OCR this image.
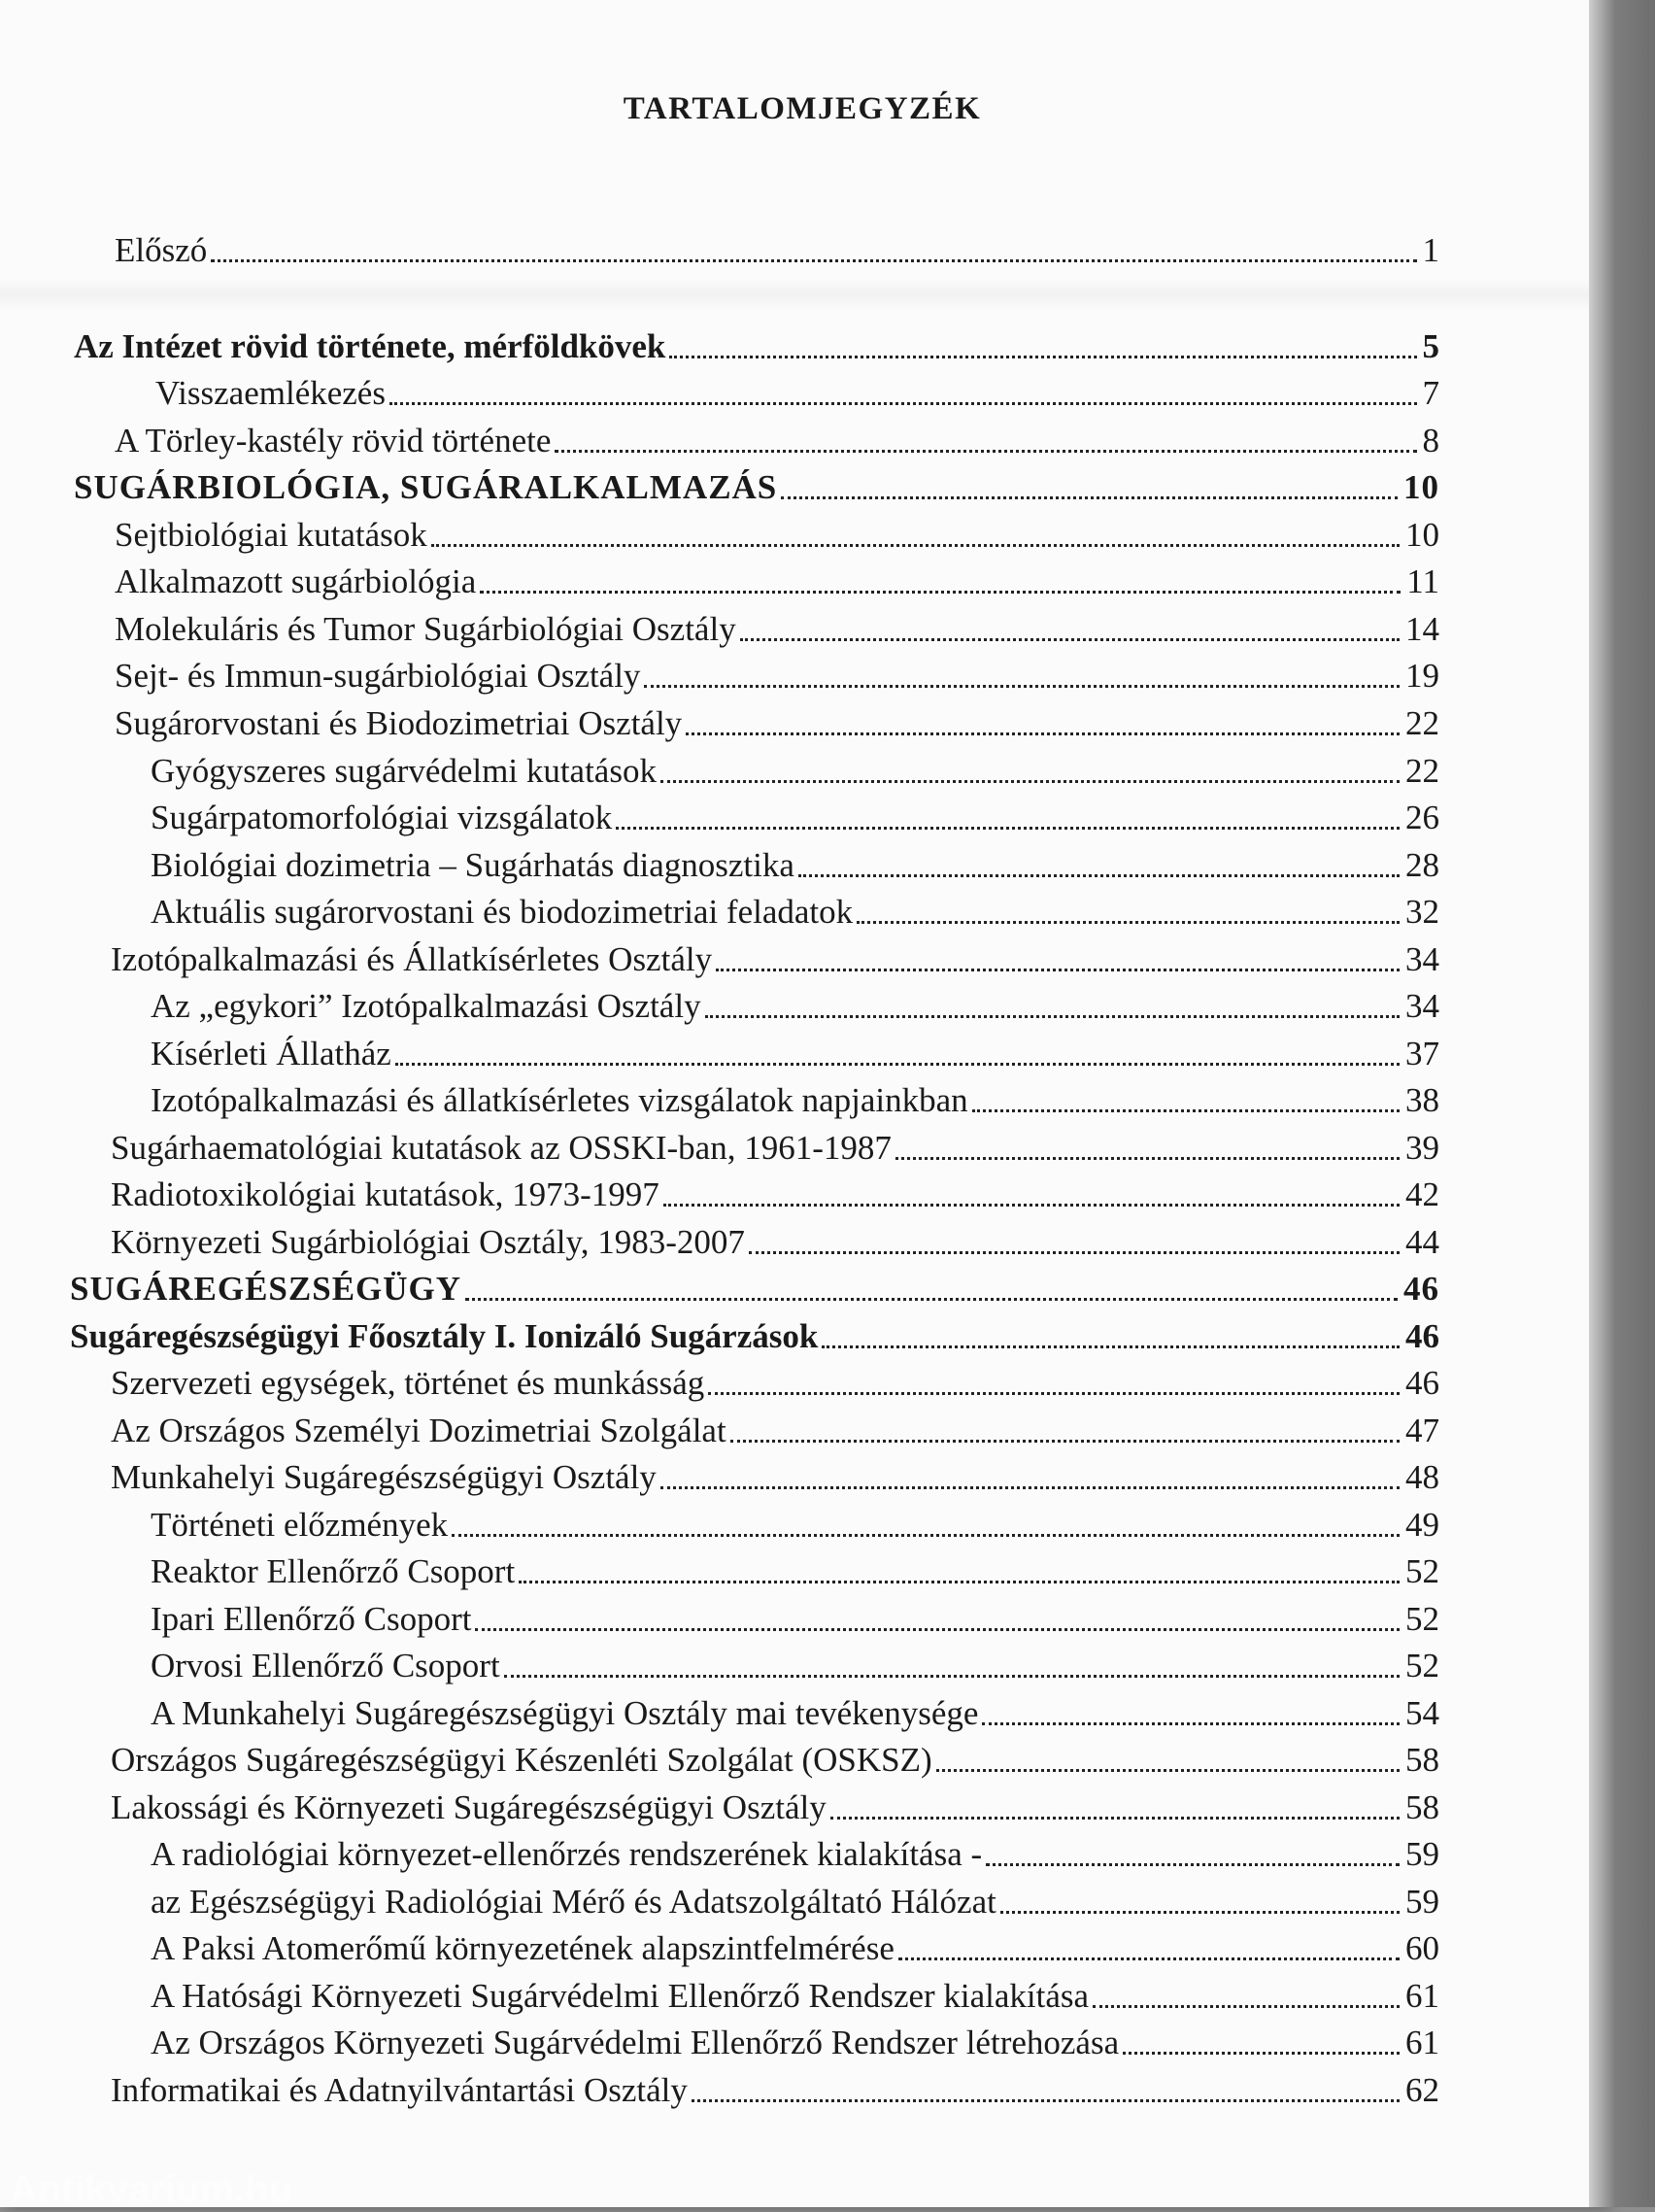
TARTALOMJEGYZÉK
Előszó	1
Az Intézet rövid története, mérföldkövek	5
Visszaemlékezés	7
A Törley-kastély rövid története	8
SUGÁRBIOLÓGIA, SUGÁRALKALMAZÁS	10
Sejtbiológiai kutatások	10
Alkalmazott sugárbiológia	11
Molekuláris és Tumor Sugárbiológiai Osztály	14
Sejt- és Immun-sugárbiológiai Osztály	19
Sugárorvostani és Biodozimetriai Osztály	22
Gyógyszeres sugárvédelmi kutatások	22
Sugárpatomorfológiai vizsgálatok	26
Biológiai dozimetria – Sugárhatás diagnosztika	28
Aktuális sugárorvostani és biodozimetriai feladatok	32
Izotópalkalmazási és Állatkísérletes Osztály	34
Az „egykori” Izotópalkalmazási Osztály	34
Kísérleti Állatház	37
Izotópalkalmazási és állatkísérletes vizsgálatok napjainkban	38
Sugárhaematológiai kutatások az OSSKI-ban, 1961-1987	39
Radiotoxikológiai kutatások, 1973-1997	42
Környezeti Sugárbiológiai Osztály, 1983-2007	44
SUGÁREGÉSZSÉGÜGY	46
Sugáregészségügyi Főosztály I. Ionizáló Sugárzások	46
Szervezeti egységek, történet és munkásság	46
Az Országos Személyi Dozimetriai Szolgálat	47
Munkahelyi Sugáregészségügyi Osztály	48
Történeti előzmények	49
Reaktor Ellenőrző Csoport	52
Ipari Ellenőrző Csoport	52
Orvosi Ellenőrző Csoport	52
A Munkahelyi Sugáregészségügyi Osztály mai tevékenysége	54
Országos Sugáregészségügyi Készenléti Szolgálat (OSKSZ)	58
Lakossági és Környezeti Sugáregészségügyi Osztály	58
A radiológiai környezet-ellenőrzés rendszerének kialakítása -	59
az Egészségügyi Radiológiai Mérő és Adatszolgáltató Hálózat	59
A Paksi Atomerőmű környezetének alapszintfelmérése	60
A Hatósági Környezeti Sugárvédelmi Ellenőrző Rendszer kialakítása	61
Az Országos Környezeti Sugárvédelmi Ellenőrző Rendszer létrehozása	61
Informatikai és Adatnyilvántartási Osztály	62
Antikvarium.hu
